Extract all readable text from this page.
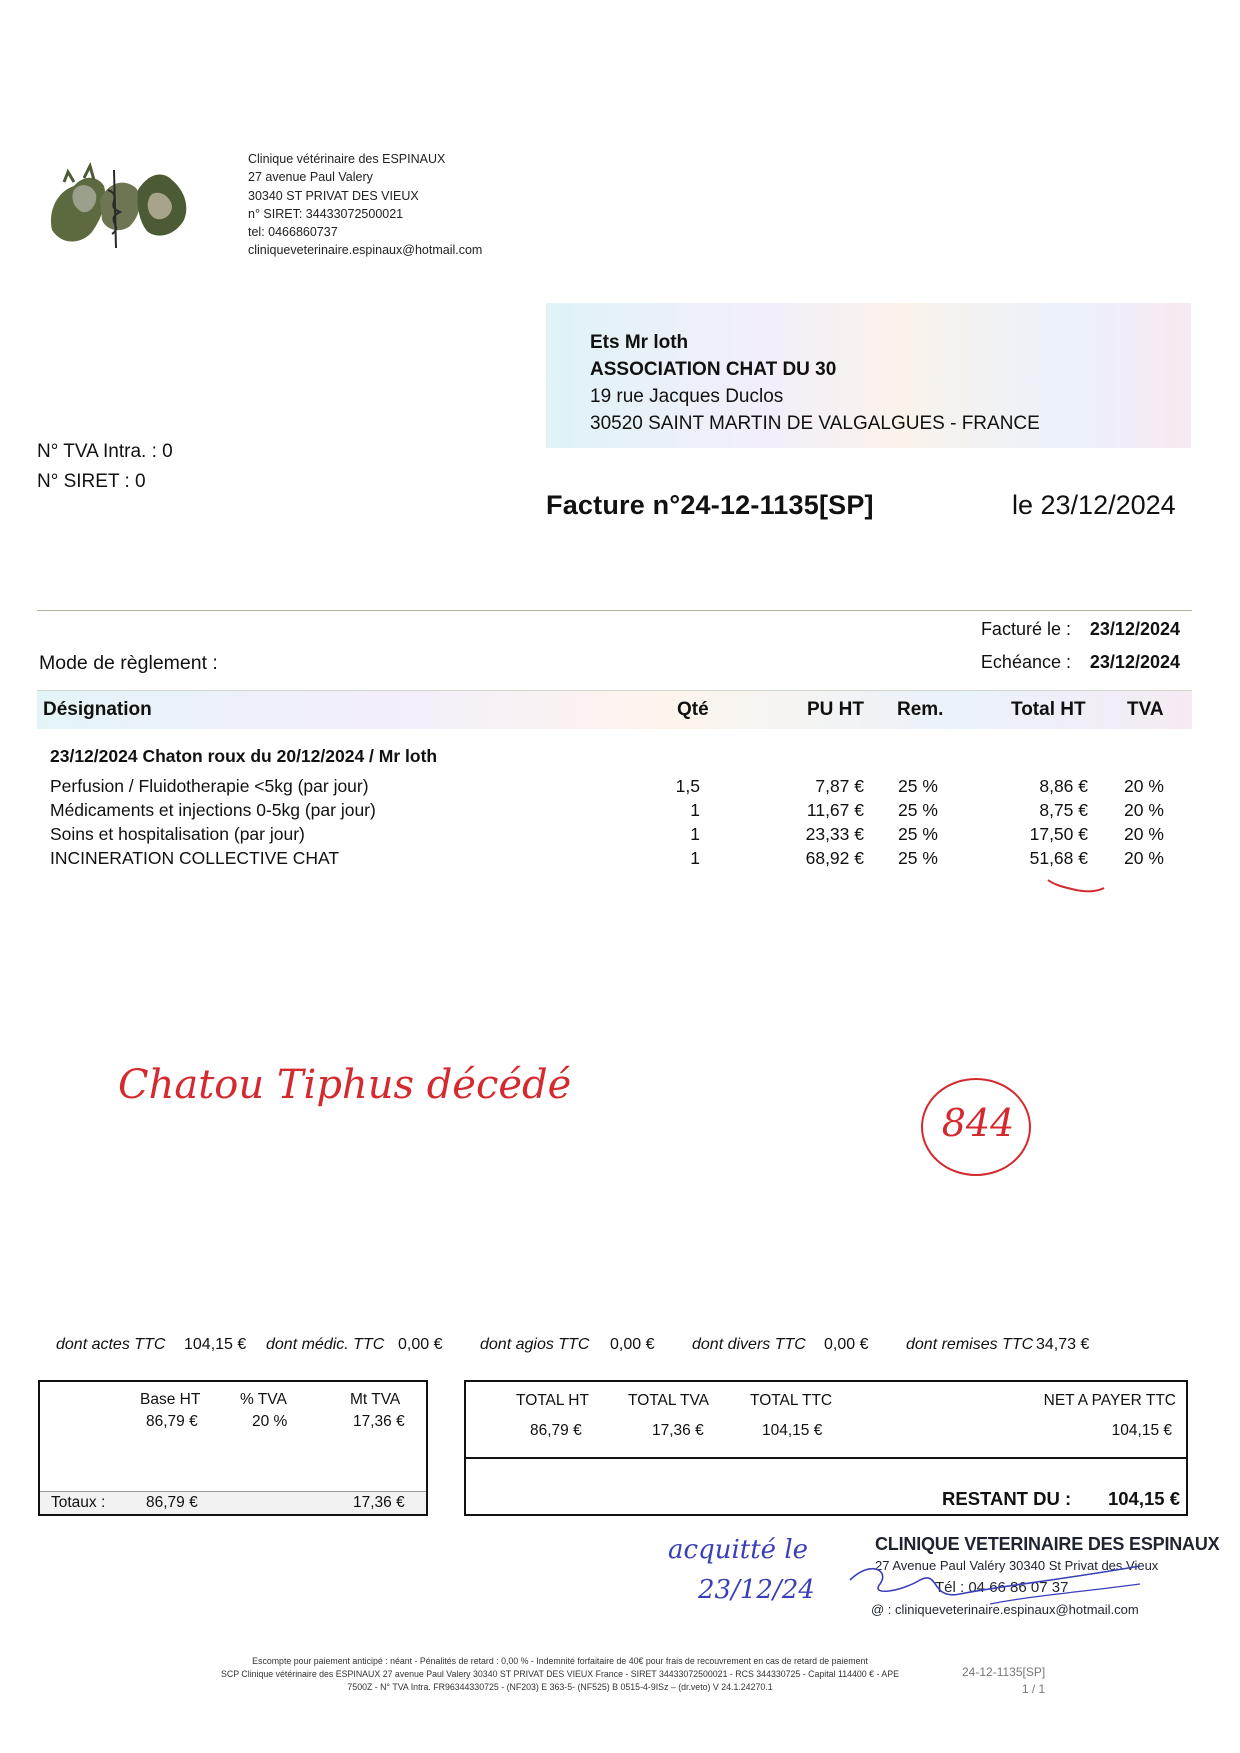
Clinique vétérinaire des ESPINAUX
27 avenue Paul Valery
30340 ST PRIVAT DES VIEUX
n° SIRET: 34433072500021
tel: 0466860737
cliniqueveterinaire.espinaux@hotmail.com
Ets Mr loth
ASSOCIATION CHAT DU 30
19 rue Jacques Duclos
30520 SAINT MARTIN DE VALGALGUES - FRANCE
N° TVA Intra. : 0
N° SIRET : 0
Facture n°24-12-1135[SP]	le 23/12/2024
Facturé le : 23/12/2024
Echéance : 23/12/2024
Mode de règlement :
Désignation	Qté	PU HT Rem.	Total HT TVA
23/12/2024 Chaton roux du 20/12/2024 / Mr loth
Perfusion / Fluidotherapie <5kg (par jour)	1,5	7,87 € 25 %	8,86 € 20 %
Médicaments et injections 0-5kg (par jour)	1	11,67 € 25 %	8,75 € 20 %
Soins et hospitalisation (par jour)	1	23,33 € 25 %	17,50 € 20 %
INCINERATION COLLECTIVE CHAT	1	68,92 € 25 %	51,68 € 20 %
Chatou Tiphus décédé
844
dont actes TTC 104,15 € dont médic. TTC 0,00 € dont agios TTC 0,00 € dont divers TTC 0,00 € dont remises TTC 34,73 €
Base HT	% TVA	Mt TVA
86,79 €	20 %	17,36 €
Totaux :	86,79 €	17,36 €
TOTAL HT	TOTAL TVA	TOTAL TTC	NET A PAYER TTC
86,79 €	17,36 €	104,15 €	104,15 €
RESTANT DU : 104,15 €
acquitté le
23/12/24
CLINIQUE VETERINAIRE DES ESPINAUX
27 Avenue Paul Valéry 30340 St Privat des Vieux
Tél : 04 66 86 07 37
@ : cliniqueveterinaire.espinaux@hotmail.com
Escompte pour paiement anticipé : néant - Pénalités de retard : 0,00 % - Indemnité forfaitaire de 40€ pour frais de recouvrement en cas de retard de paiement
SCP Clinique vétérinaire des ESPINAUX 27 avenue Paul Valery 30340 ST PRIVAT DES VIEUX France - SIRET 34433072500021 - RCS 344330725 - Capital 114400 € - APE
7500Z - N° TVA Intra. FR96344330725 - (NF203) E 363-5- (NF525) B 0515-4-9ISz – (dr.veto) V 24.1.24270.1
24-12-1135[SP]
1 / 1
